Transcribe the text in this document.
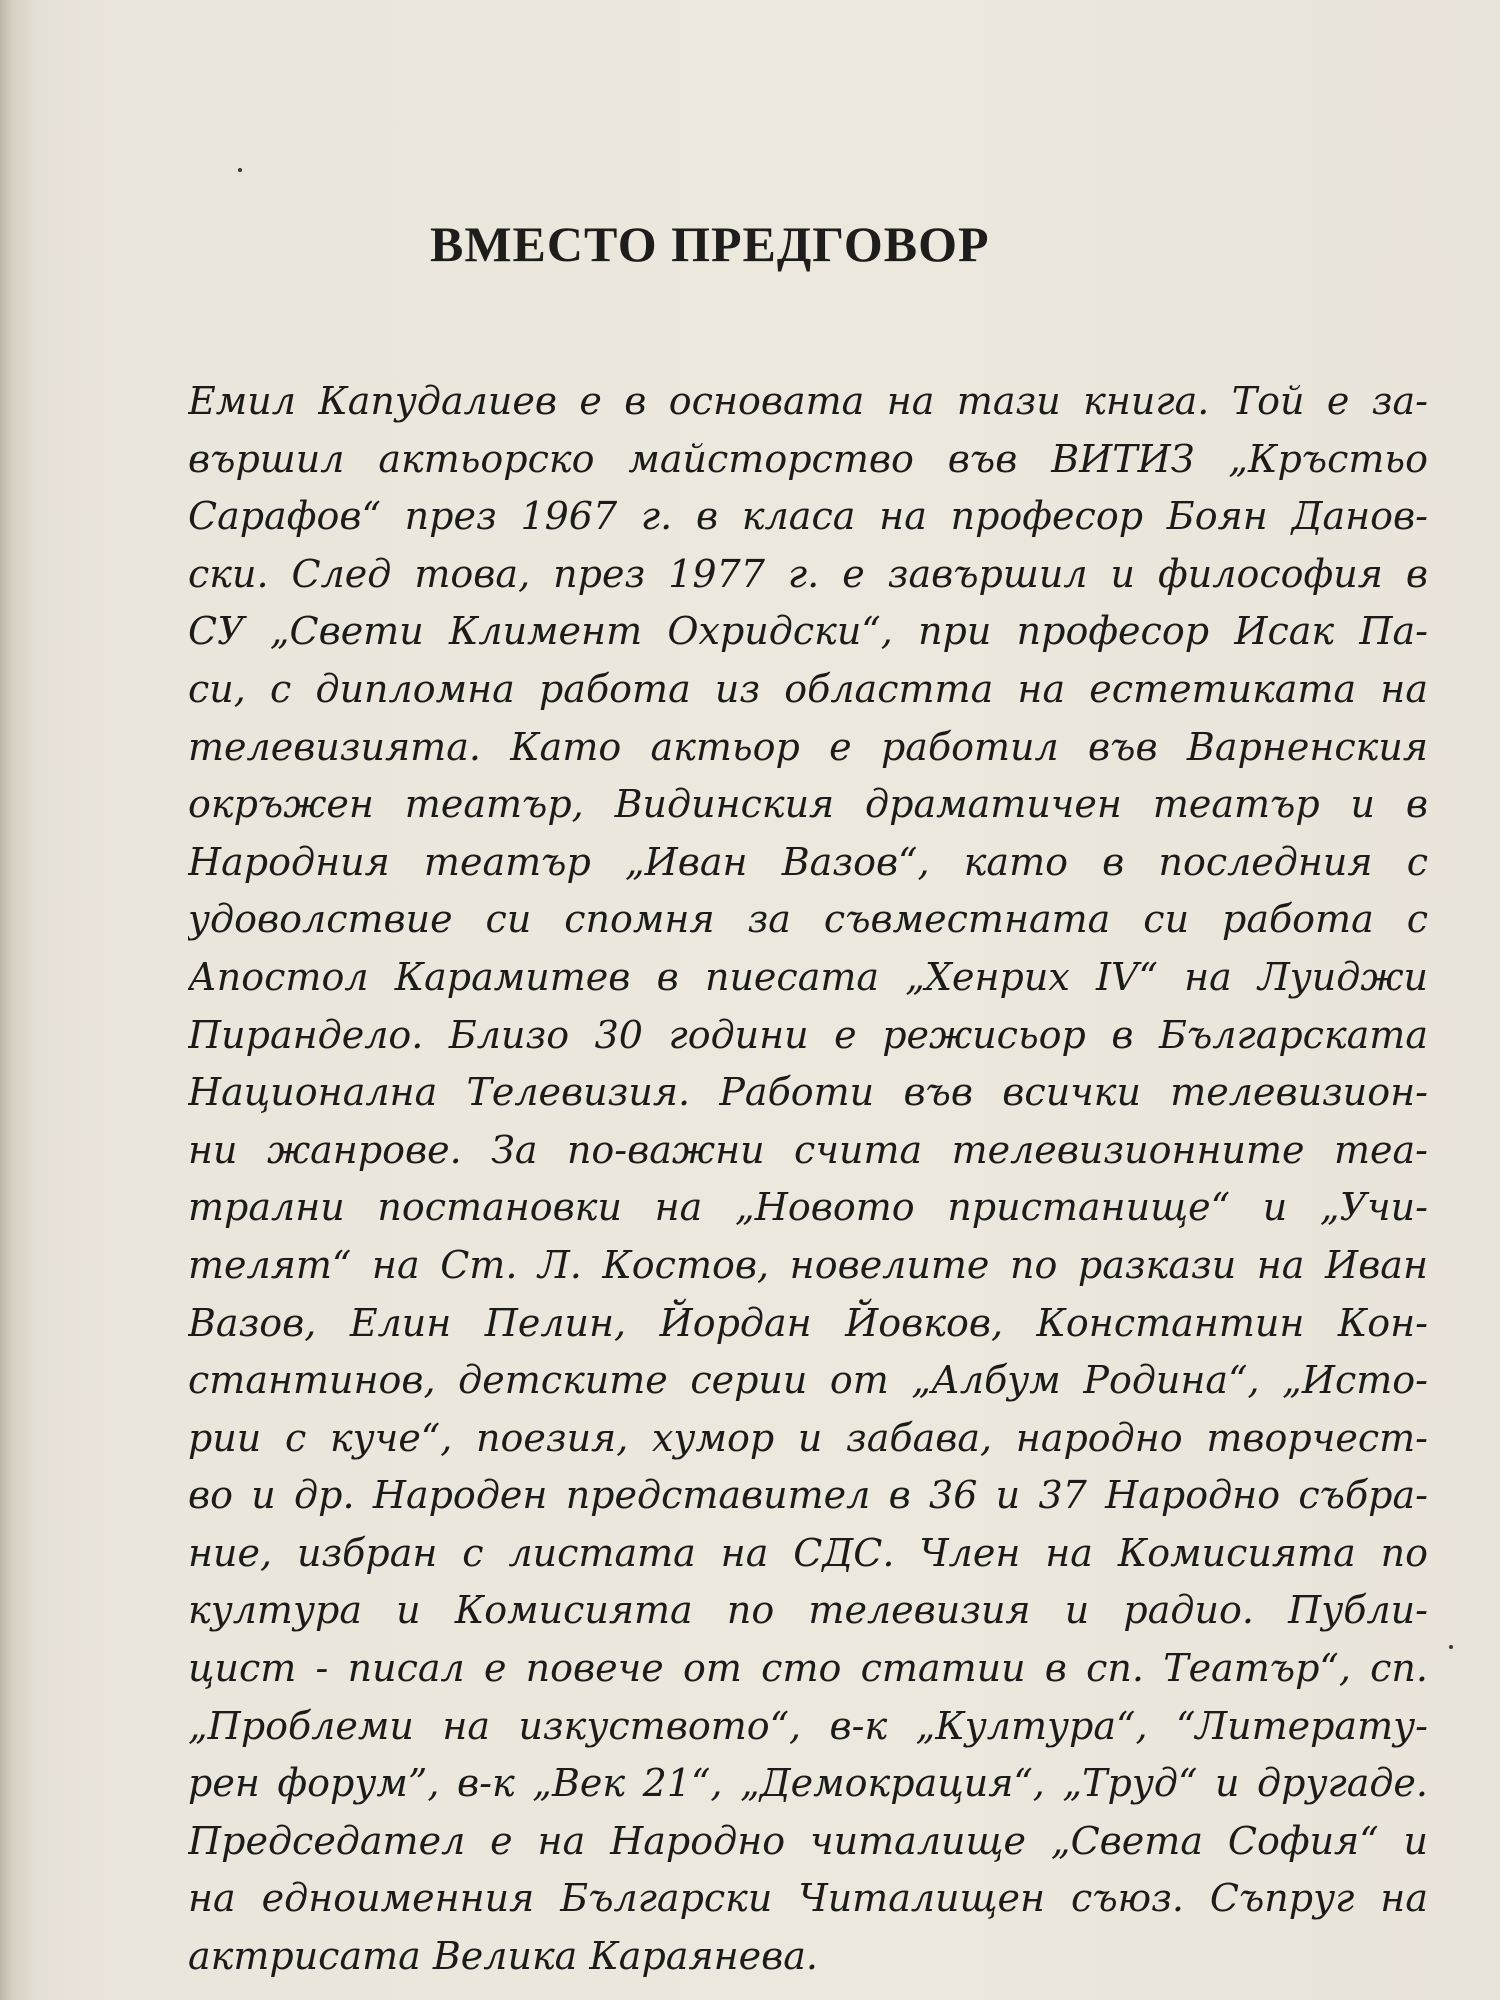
ВМЕСТО ПРЕДГОВОР
Емил Капудалиев е в основата на тази книга. Той е за-
вършил актьорско майсторство във ВИТИЗ „Кръстьо
Сарафов“ през 1967 г. в класа на професор Боян Данов-
ски. След това, през 1977 г. е завършил и философия в
СУ „Свети Климент Охридски“, при професор Исак Па-
си, с дипломна работа из областта на естетиката на
телевизията. Като актьор е работил във Варненския
окръжен театър, Видинския драматичен театър и в
Народния театър „Иван Вазов“, като в последния с
удоволствие си спомня за съвместната си работа с
Апостол Карамитев в пиесата „Хенрих IV“ на Луиджи
Пирандело. Близо 30 години е режисьор в Българската
Национална Телевизия. Работи във всички телевизион-
ни жанрове. За по-важни счита телевизионните теа-
трални постановки на „Новото пристанище“ и „Учи-
телят“ на Ст. Л. Костов, новелите по разкази на Иван
Вазов, Елин Пелин, Йордан Йовков, Константин Кон-
стантинов, детските серии от „Албум Родина“, „Исто-
рии с куче“, поезия, хумор и забава, народно творчест-
во и др. Народен представител в 36 и 37 Народно събра-
ние, избран с листата на СДС. Член на Комисията по
култура и Комисията по телевизия и радио. Публи-
цист - писал е повече от сто статии в сп. Театър“, сп.
„Проблеми на изкуството“, в-к „Култура“, “Литерату-
рен форум”, в-к „Век 21“, „Демокрация“, „Труд“ и другаде.
Председател е на Народно читалище „Света София“ и
на едноименния Български Читалищен съюз. Съпруг на
актрисата Велика Караянева.
